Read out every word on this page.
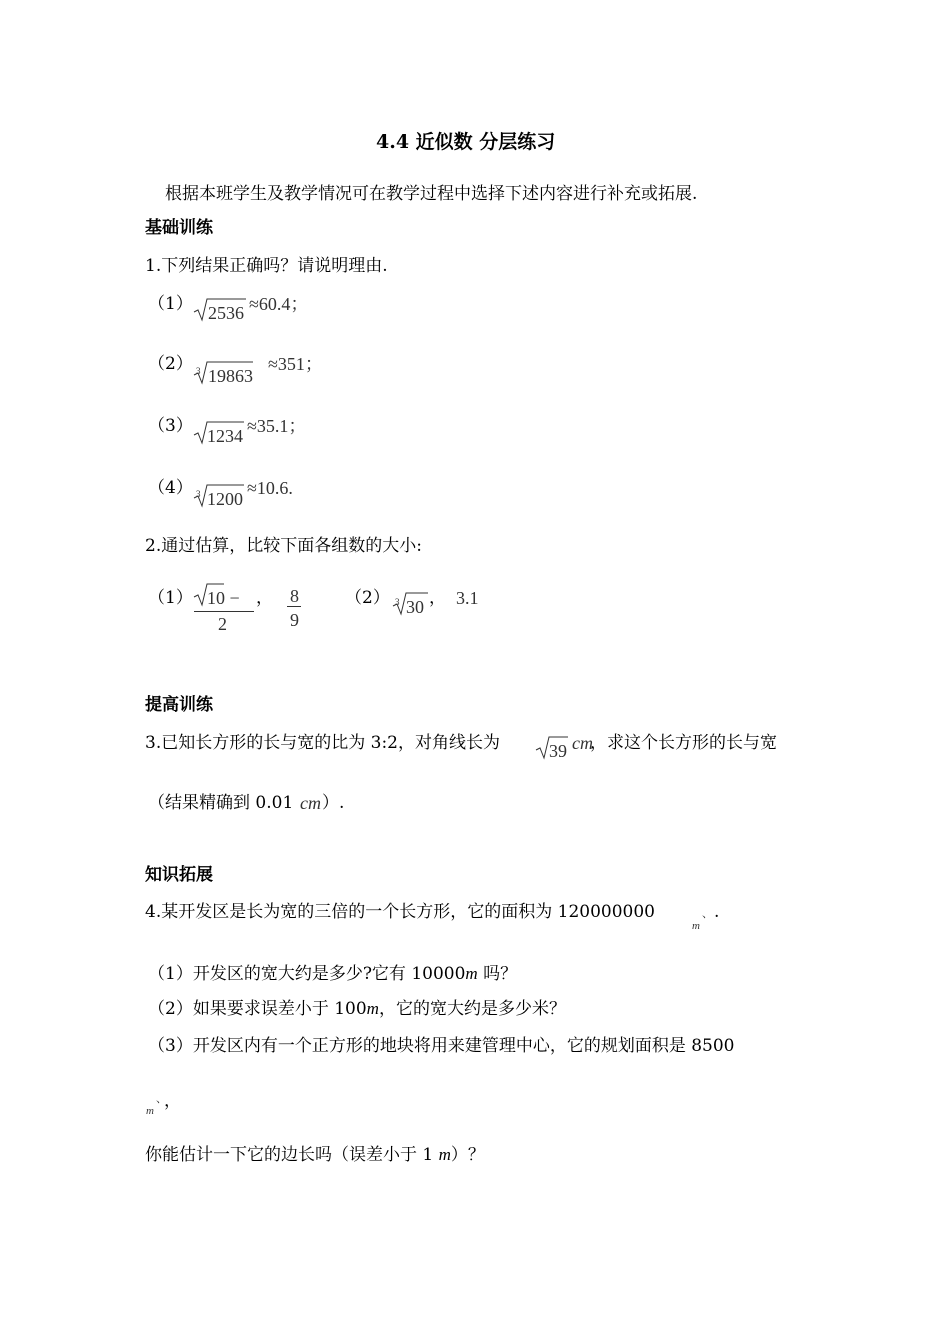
4.4 近似数 分层练习
根据本班学生及教学情况可在教学过程中选择下述内容进行补充或拓展.
基础训练
1.下列结果正确吗？请说明理由.
（1） 2536 ≈60.4；
（2） 3 19863
≈351；
（3） 1234 ≈35.1；
（4） 3 1200
≈10.6.
2.通过估算，比较下面各组数的大小:
（1） 10 −
2
， 8
9
（2） 3 30 ， 3.1
提高训练
3.已知长方形的长与宽的比为 3:2，对角线长为	39 cm
，求这个长方形的长与宽
（结果精确到 0.01 cm ）.
知识拓展
4.某开发区是长为宽的三倍的一个长方形，它的面积为 120000000
m
、 .
（1）开发区的宽大约是多少?它有 10000m 吗？
（2）如果要求误差小于 100m，它的宽大约是多少米？
（3）开发区内有一个正方形的地块将用来建管理中心，它的规划面积是 8500
m
、
，
你能估计一下它的边长吗（误差小于 1 m）？
